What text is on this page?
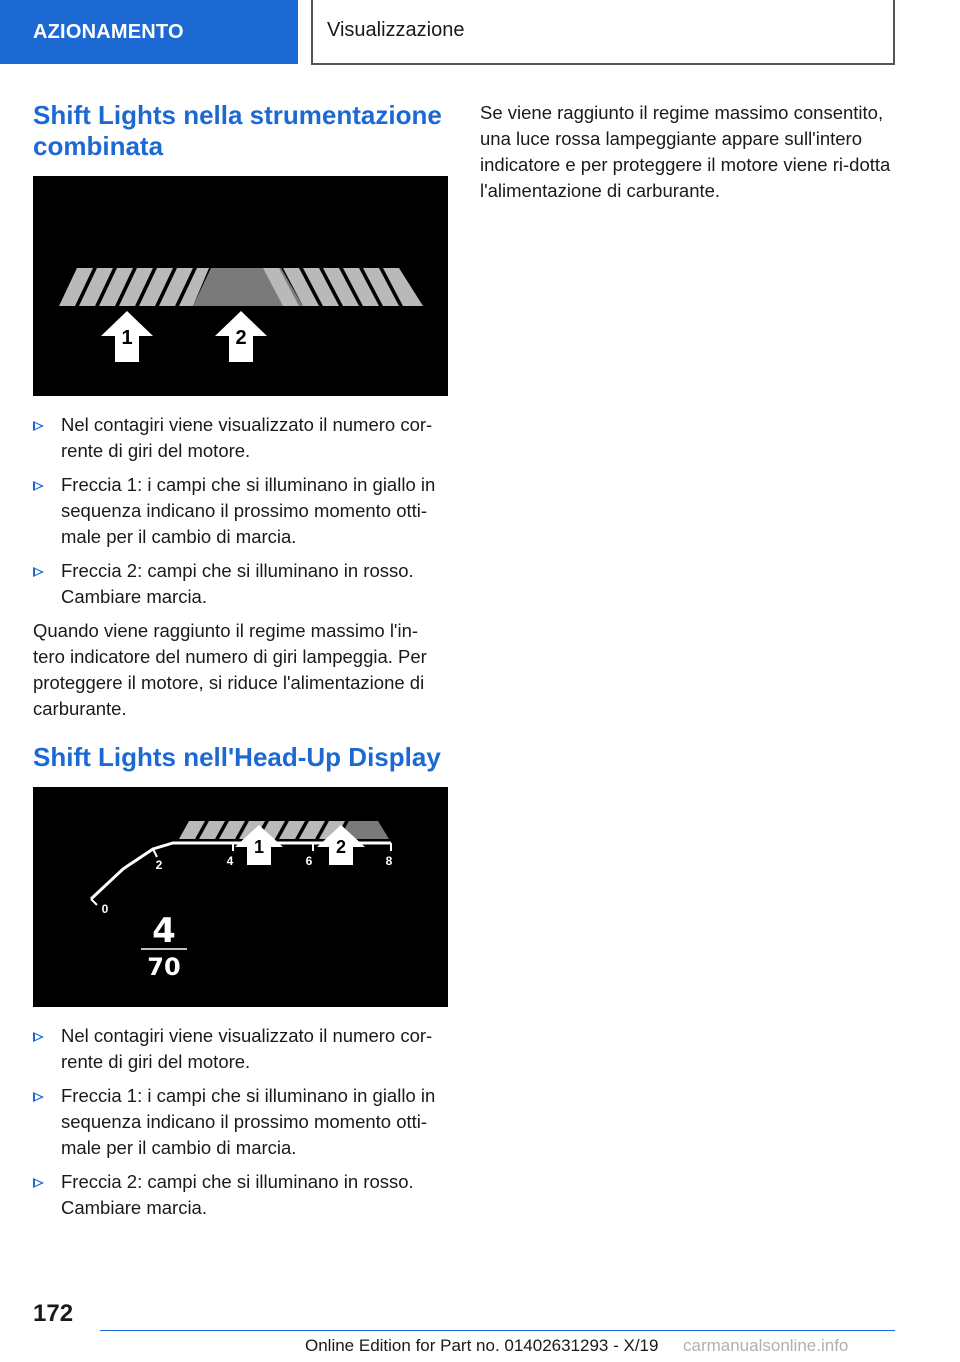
AZIONAMENTO	Visualizzazione
Shift Lights nella strumentazione combinata
1	2
Nel contagiri viene visualizzato il numero cor-rente di giri del motore.
Freccia 1: i campi che si illuminano in giallo in sequenza indicano il prossimo momento otti-male per il cambio di marcia.
Freccia 2: campi che si illuminano in rosso. Cambiare marcia.

Quando viene raggiunto il regime massimo l'in-tero indicatore del numero di giri lampeggia. Per proteggere il motore, si riduce l'alimentazione di carburante.

Shift Lights nell'Head-Up Display
0
2	4	6	8
1	2
4
70
Nel contagiri viene visualizzato il numero cor-rente di giri del motore.
Freccia 1: i campi che si illuminano in giallo in sequenza indicano il prossimo momento otti-male per il cambio di marcia.
Freccia 2: campi che si illuminano in rosso. Cambiare marcia.

Se viene raggiunto il regime massimo consentito, una luce rossa lampeggiante appare sull'intero indicatore e per proteggere il motore viene ri-dotta l'alimentazione di carburante.

172
Online Edition for Part no. 01402631293 - X/19 carmanualsonline.info
